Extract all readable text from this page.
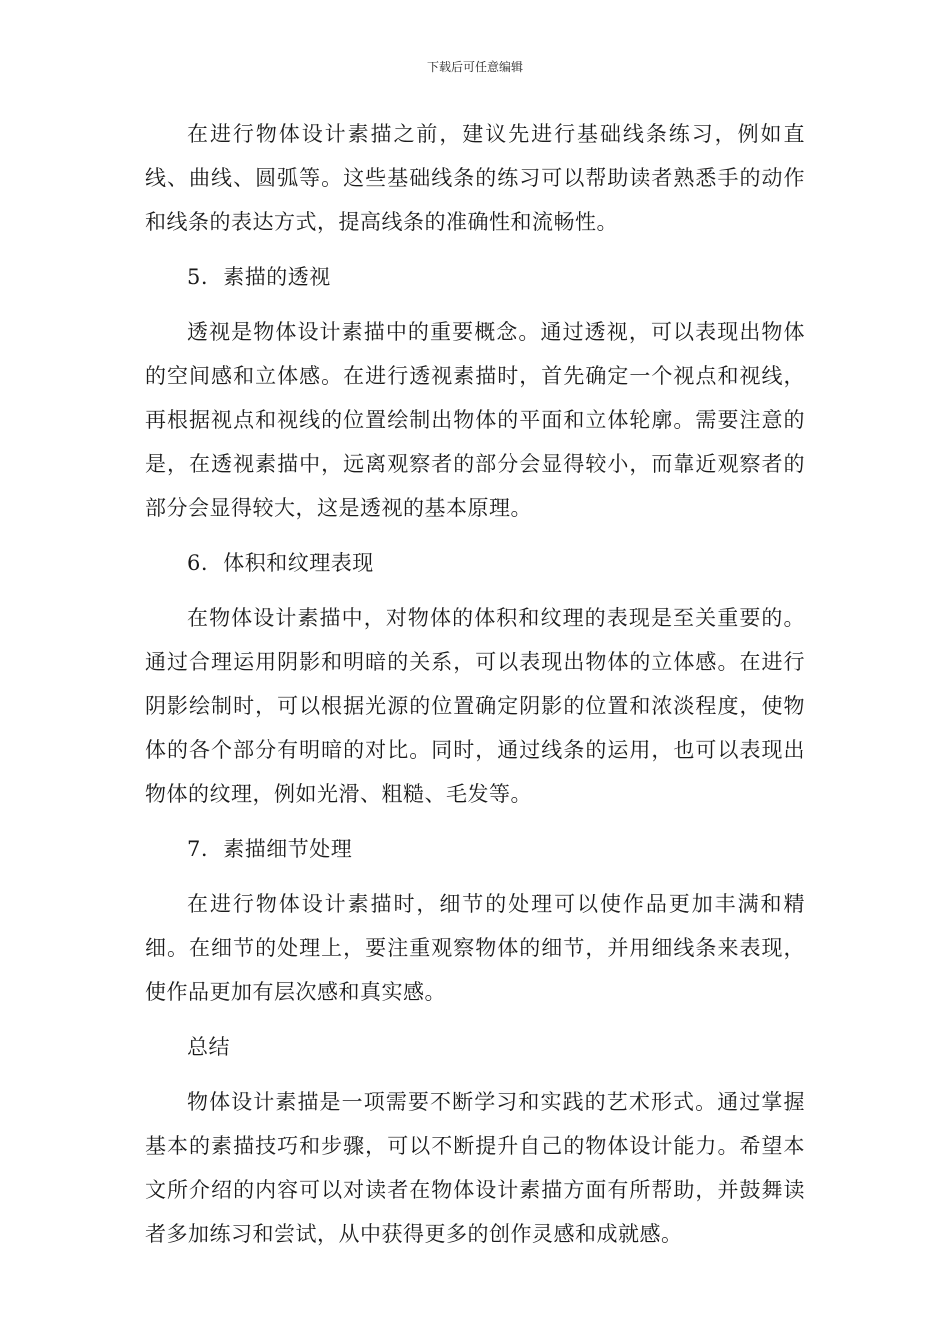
下载后可任意编辑

在进行物体设计素描之前，建议先进行基础线条练习，例如直线、曲线、圆弧等。这些基础线条的练习可以帮助读者熟悉手的动作和线条的表达方式，提高线条的准确性和流畅性。

5. 素描的透视

透视是物体设计素描中的重要概念。通过透视，可以表现出物体的空间感和立体感。在进行透视素描时，首先确定一个视点和视线，再根据视点和视线的位置绘制出物体的平面和立体轮廓。需要注意的是，在透视素描中，远离观察者的部分会显得较小，而靠近观察者的部分会显得较大，这是透视的基本原理。

6. 体积和纹理表现

在物体设计素描中，对物体的体积和纹理的表现是至关重要的。通过合理运用阴影和明暗的关系，可以表现出物体的立体感。在进行阴影绘制时，可以根据光源的位置确定阴影的位置和浓淡程度，使物体的各个部分有明暗的对比。同时，通过线条的运用，也可以表现出物体的纹理，例如光滑、粗糙、毛发等。

7. 素描细节处理

在进行物体设计素描时，细节的处理可以使作品更加丰满和精细。在细节的处理上，要注重观察物体的细节，并用细线条来表现，使作品更加有层次感和真实感。

总结

物体设计素描是一项需要不断学习和实践的艺术形式。通过掌握基本的素描技巧和步骤，可以不断提升自己的物体设计能力。希望本文所介绍的内容可以对读者在物体设计素描方面有所帮助，并鼓舞读者多加练习和尝试，从中获得更多的创作灵感和成就感。
